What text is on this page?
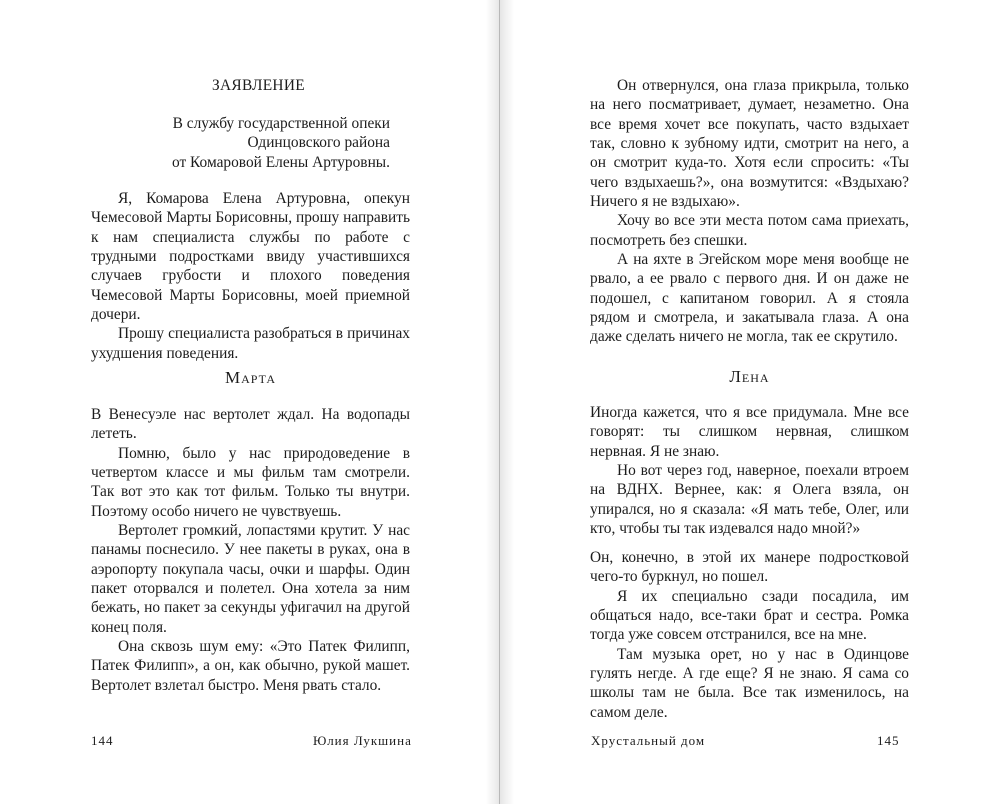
ЗАЯВЛЕНИЕ
В службу государственной опеки
Одинцовского района
от Комаровой Елены Артуровны.

Я, Комарова Елена Артуровна, опекун Чемесовой Марты Борисовны, прошу направить к нам специалиста службы по работе с трудными подростками ввиду участившихся случаев грубости и плохого поведения Чемесовой Марты Борисовны, моей приемной дочери.

Прошу специалиста разобраться в причинах ухудшения поведения.

Марта

В Венесуэле нас вертолет ждал. На водопады лететь.

Помню, было у нас природоведение в четвертом классе и мы фильм там смотрели. Так вот это как тот фильм. Только ты внутри. Поэтому особо ничего не чувствуешь.

Вертолет громкий, лопастями крутит. У нас панамы поснесило. У нее пакеты в руках, она в аэропорту покупала часы, очки и шарфы. Один пакет оторвался и полетел. Она хотела за ним бежать, но пакет за секунды уфигачил на другой конец поля.

Она сквозь шум ему: «Это Патек Филипп, Патек Филипп», а он, как обычно, рукой машет. Вертолет взлетал быстро. Меня рвать стало.

144	Юлия Лукшина

Он отвернулся, она глаза прикрыла, только на него посматривает, думает, незаметно. Она все время хочет все покупать, часто вздыхает так, словно к зубному идти, смотрит на него, а он смотрит куда-то. Хотя если спросить: «Ты чего вздыхаешь?», она возмутится: «Вздыхаю? Ничего я не вздыхаю».

Хочу во все эти места потом сама приехать, посмотреть без спешки.

А на яхте в Эгейском море меня вообще не рвало, а ее рвало с первого дня. И он даже не подошел, с капитаном говорил. А я стояла рядом и смотрела, и закатывала глаза. А она даже сделать ничего не могла, так ее скрутило.

Лена

Иногда кажется, что я все придумала. Мне все говорят: ты слишком нервная, слишком нервная. Я не знаю.

Но вот через год, наверное, поехали втроем на ВДНХ. Вернее, как: я Олега взяла, он упирался, но я сказала: «Я мать тебе, Олег, или кто, чтобы ты так издевался надо мной?»

Он, конечно, в этой их манере подростковой чего-то буркнул, но пошел.

Я их специально сзади посадила, им общаться надо, все-таки брат и сестра. Ромка тогда уже совсем отстранился, все на мне.

Там музыка орет, но у нас в Одинцове гулять негде. А где еще? Я не знаю. Я сама со школы там не была. Все так изменилось, на самом деле.

Хрустальный дом	145
